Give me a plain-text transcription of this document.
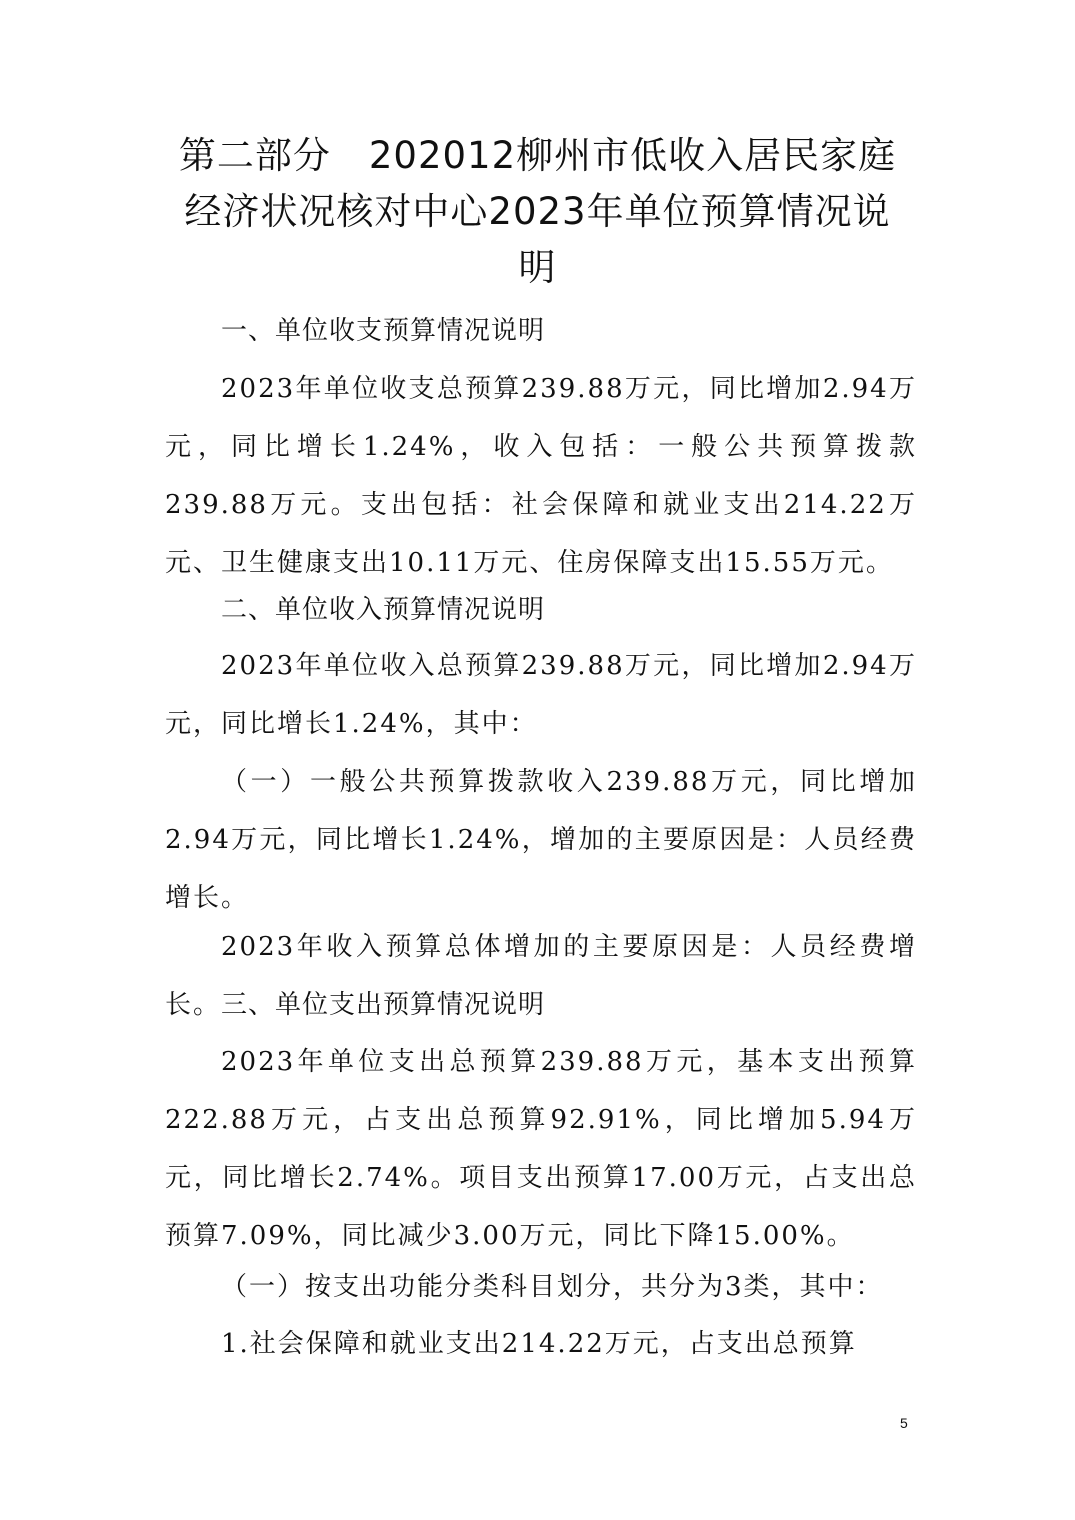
第二部分　202012柳州市低收入居民家庭
经济状况核对中心2023年单位预算情况说
明
一、单位收支预算情况说明
2023年单位收支总预算239.88万元，同比增加2.94万元，同比增长1.24%，收入包括：一般公共预算拨款239.88万元。支出包括：社会保障和就业支出214.22万元、卫生健康支出10.11万元、住房保障支出15.55万元。
二、单位收入预算情况说明
2023年单位收入总预算239.88万元，同比增加2.94万元，同比增长1.24%，其中：
（一）一般公共预算拨款收入239.88万元，同比增加2.94万元，同比增长1.24%，增加的主要原因是：人员经费增长。
2023年收入预算总体增加的主要原因是：人员经费增长。 三、单位支出预算情况说明
2023年单位支出总预算239.88万元，基本支出预算222.88万元，占支出总预算92.91%，同比增加5.94万元，同比增长2.74%。项目支出预算17.00万元，占支出总预算7.09%，同比减少3.00万元，同比下降15.00%。
（一）按支出功能分类科目划分，共分为3类，其中：
1.社会保障和就业支出214.22万元，占支出总预算
5
